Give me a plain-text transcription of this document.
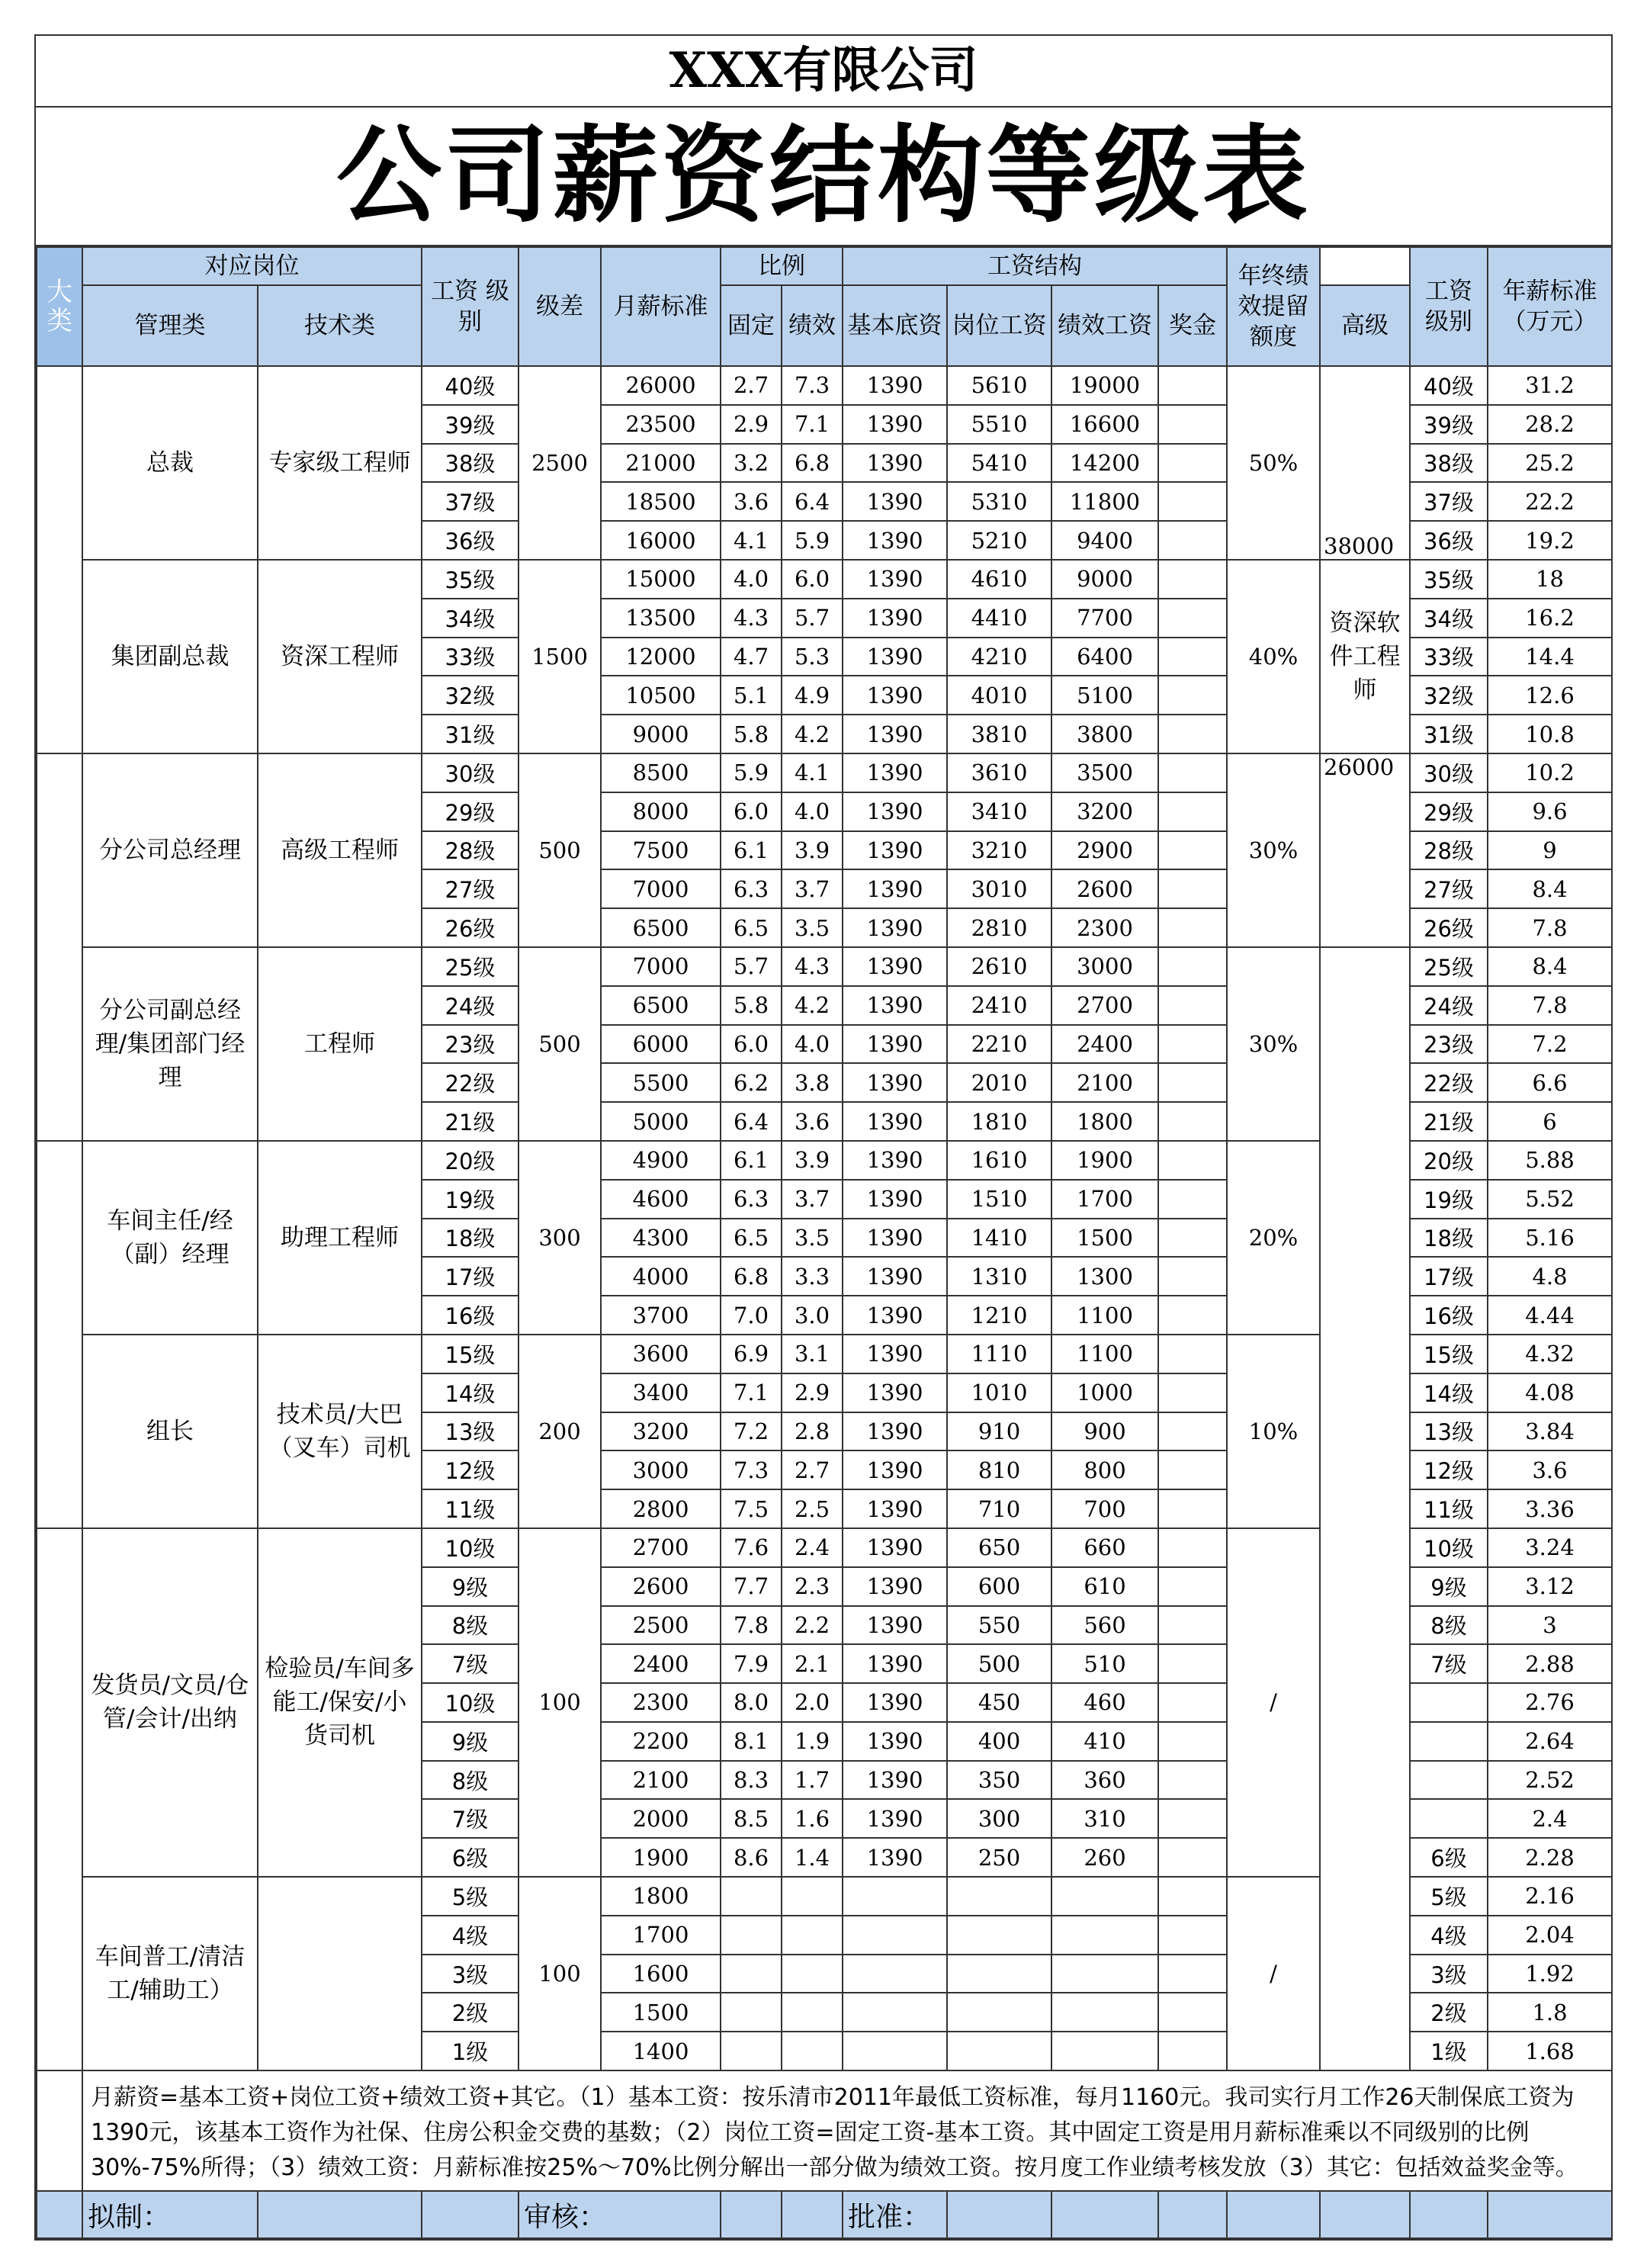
XXX有限公司
公司薪资结构等级表
大类	对应岗位		工资 级别	级差	月薪标准	比例		工资结构				年终绩效提留额度		工资级别	年薪标准（万元）
	管理类	技术类				固定	绩效	基本底资	岗位工资	绩效工资	奖金		高级		

	总裁	专家级工程师	40级	2500	26000	2.7	7.3	1390	5610	19000		50%	38000	40级	31.2
			39级		23500	2.9	7.1	1390	5510	16600				39级	28.2
			38级		21000	3.2	6.8	1390	5410	14200				38级	25.2
			37级		18500	3.6	6.4	1390	5310	11800				37级	22.2
			36级		16000	4.1	5.9	1390	5210	9400				36级	19.2
	集团副总裁	资深工程师	35级	1500	15000	4.0	6.0	1390	4610	9000		40%	资深软件工程师	35级	18
			34级		13500	4.3	5.7	1390	4410	7700				34级	16.2
			33级		12000	4.7	5.3	1390	4210	6400				33级	14.4
			32级		10500	5.1	4.9	1390	4010	5100				32级	12.6
			31级		9000	5.8	4.2	1390	3810	3800				31级	10.8
	分公司总经理	高级工程师	30级	500	8500	5.9	4.1	1390	3610	3500		30%	26000	30级	10.2
			29级		8000	6.0	4.0	1390	3410	3200				29级	9.6
			28级		7500	6.1	3.9	1390	3210	2900				28级	9
			27级		7000	6.3	3.7	1390	3010	2600				27级	8.4
			26级		6500	6.5	3.5	1390	2810	2300				26级	7.8
	分公司副总经理/集团部门经理	工程师	25级	500	7000	5.7	4.3	1390	2610	3000		30%		25级	8.4
			24级		6500	5.8	4.2	1390	2410	2700				24级	7.8
			23级		6000	6.0	4.0	1390	2210	2400				23级	7.2
			22级		5500	6.2	3.8	1390	2010	2100				22级	6.6
			21级		5000	6.4	3.6	1390	1810	1800				21级	6
	车间主任/经（副）经理	助理工程师	20级	300	4900	6.1	3.9	1390	1610	1900		20%		20级	5.88
			19级		4600	6.3	3.7	1390	1510	1700				19级	5.52
			18级		4300	6.5	3.5	1390	1410	1500				18级	5.16
			17级		4000	6.8	3.3	1390	1310	1300				17级	4.8
			16级		3700	7.0	3.0	1390	1210	1100				16级	4.44
	组长	技术员/大巴（叉车）司机	15级	200	3600	6.9	3.1	1390	1110	1100		10%		15级	4.32
			14级		3400	7.1	2.9	1390	1010	1000				14级	4.08
			13级		3200	7.2	2.8	1390	910	900				13级	3.84
			12级		3000	7.3	2.7	1390	810	800				12级	3.6
			11级		2800	7.5	2.5	1390	710	700				11级	3.36
	发货员/文员/仓管/会计/出纳	检验员/车间多能工/保安/小货司机	10级	100	2700	7.6	2.4	1390	650	660		/		10级	3.24
			9级		2600	7.7	2.3	1390	600	610				9级	3.12
			8级		2500	7.8	2.2	1390	550	560				8级	3
			7级		2400	7.9	2.1	1390	500	510				7级	2.88
			10级		2300	8.0	2.0	1390	450	460					2.76
			9级		2200	8.1	1.9	1390	400	410					2.64
			8级		2100	8.3	1.7	1390	350	360					2.52
			7级		2000	8.5	1.6	1390	300	310					2.4
			6级		1900	8.6	1.4	1390	250	260				6级	2.28
	车间普工/清洁工/辅助工）		5级	100	1800							/		5级	2.16
			4级		1700									4级	2.04
			3级		1600									3级	1.92
			2级		1500									2级	1.8
			1级		1400									1级	1.68
	月薪资=基本工资+岗位工资+绩效工资+其它。（1）基本工资：按乐清市2011年最低工资标准，每月1160元。我司实行月工作26天制保底工资为1390元，该基本工资作为社保、住房公积金交费的基数；（2）岗位工资=固定工资-基本工资。其中固定工资是用月薪标准乘以不同级别的比例30%-75%所得；（3）绩效工资：月薪标准按25%～70%比例分解出一部分做为绩效工资。按月度工作业绩考核发放（3）其它：包括效益奖金等。														
	拟制：			审核：				批准：							
